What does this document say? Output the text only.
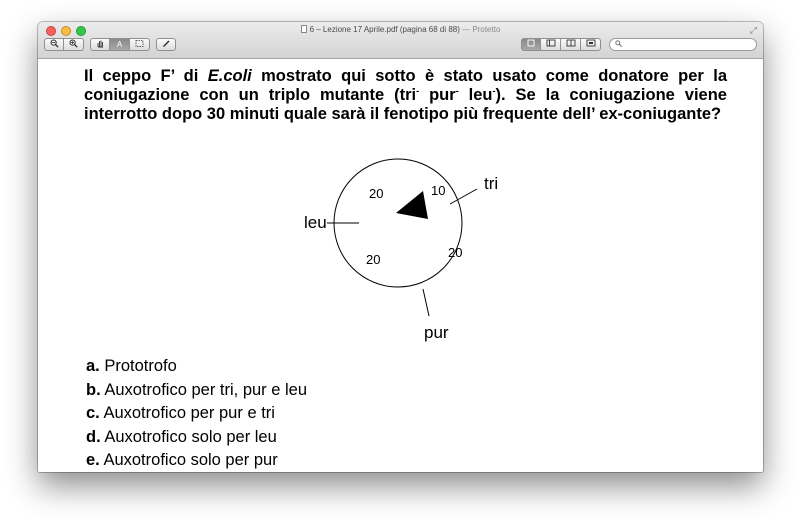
6 – Lezione 17 Aprile.pdf (pagina 68 di 88) — Protetto	⤢
A

Il ceppo F’ di E.coli mostrato qui sotto è stato usato come donatore per la coniugazione con un triplo mutante (tri- pur- leu-). Se la coniugazione viene interrotto dopo 30 minuti quale sarà il fenotipo più frequente dell’ ex-coniugante?

tri
pur
leu
10
20
20
20
a. Prototrofo
b. Auxotrofico per tri, pur e leu
c. Auxotrofico per pur e tri
d. Auxotrofico solo per leu
e. Auxotrofico solo per pur
